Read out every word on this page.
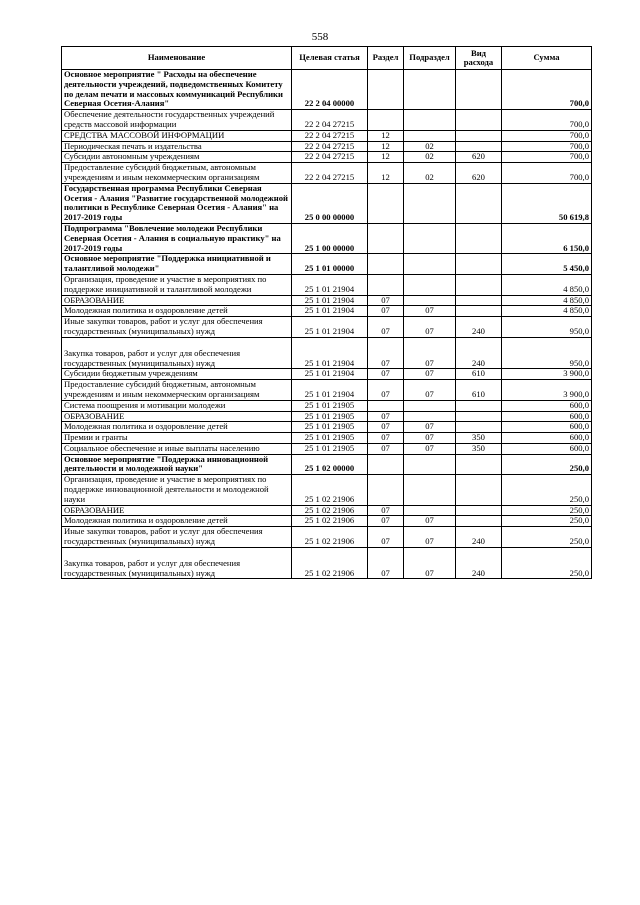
558
Наименование	Целевая статья	Раздел	Подраздел	Вид расхода	Сумма
Основное мероприятие " Расходы на обеспечение деятельности учреждений, подведомственных Комитету по делам печати и массовых коммуникаций Республики Северная Осетия-Алания"	22 2 04 00000				700,0
Обеспечение деятельности государственных учреждений средств массовой информации	22 2 04 27215				700,0
СРЕДСТВА МАССОВОЙ ИНФОРМАЦИИ	22 2 04 27215	12			700,0
Периодическая печать и издательства	22 2 04 27215	12	02		700,0
Субсидии автономным учреждениям	22 2 04 27215	12	02	620	700,0
Предоставление субсидий бюджетным, автономным учреждениям и иным некоммерческим организациям	22 2 04 27215	12	02	620	700,0
Государственная программа Республики Северная Осетия - Алания "Развитие государственной молодежной политики в Республике Северная Осетия - Алания" на 2017-2019 годы	25 0 00 00000				50 619,8
Подпрограмма "Вовлечение молодежи Республики Северная Осетия - Алания в социальную практику" на 2017-2019 годы	25 1 00 00000				6 150,0
Основное мероприятие "Поддержка инициативной и талантливой молодежи"	25 1 01 00000				5 450,0
Организация, проведение и участие в мероприятиях по поддержке инициативной и талантливой молодежи	25 1 01 21904				4 850,0
ОБРАЗОВАНИЕ	25 1 01 21904	07			4 850,0
Молодежная политика и оздоровление детей	25 1 01 21904	07	07		4 850,0
Иные закупки товаров, работ и услуг для обеспечения государственных (муниципальных) нужд	25 1 01 21904	07	07	240	950,0
Закупка товаров, работ и услуг для обеспечения государственных (муниципальных) нужд	25 1 01 21904	07	07	240	950,0
Субсидии бюджетным учреждениям	25 1 01 21904	07	07	610	3 900,0
Предоставление субсидий бюджетным, автономным учреждениям и иным некоммерческим организациям	25 1 01 21904	07	07	610	3 900,0
Система поощрения и мотивации молодежи	25 1 01 21905				600,0
ОБРАЗОВАНИЕ	25 1 01 21905	07			600,0
Молодежная политика и оздоровление детей	25 1 01 21905	07	07		600,0
Премии и гранты	25 1 01 21905	07	07	350	600,0
Социальное обеспечение и иные выплаты населению	25 1 01 21905	07	07	350	600,0
Основное мероприятие "Поддержка инновационной деятельности и молодежной науки"	25 1 02 00000				250,0
Организация, проведение и участие в мероприятиях по поддержке инновационной деятельности и молодежной науки	25 1 02 21906				250,0
ОБРАЗОВАНИЕ	25 1 02 21906	07			250,0
Молодежная политика и оздоровление детей	25 1 02 21906	07	07		250,0
Иные закупки товаров, работ и услуг для обеспечения государственных (муниципальных) нужд	25 1 02 21906	07	07	240	250,0
Закупка товаров, работ и услуг для обеспечения государственных (муниципальных) нужд	25 1 02 21906	07	07	240	250,0
